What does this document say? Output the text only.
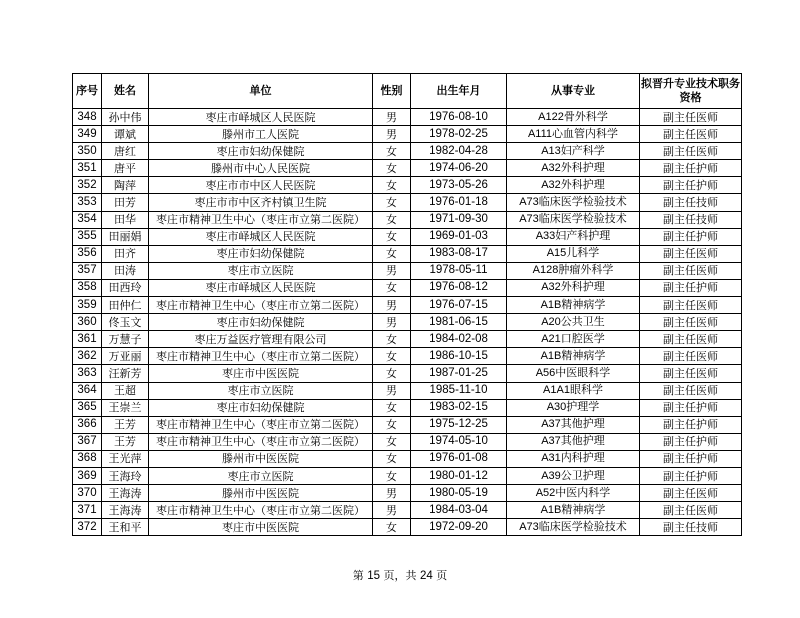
序号	姓名	单位	性别	出生年月	从事专业	拟晋升专业技术职务资格
348	孙中伟	枣庄市峄城区人民医院	男	1976-08-10	A122骨外科学	副主任医师
349	谭斌	滕州市工人医院	男	1978-02-25	A111心血管内科学	副主任医师
350	唐红	枣庄市妇幼保健院	女	1982-04-28	A13妇产科学	副主任医师
351	唐平	滕州市中心人民医院	女	1974-06-20	A32外科护理	副主任护师
352	陶萍	枣庄市市中区人民医院	女	1973-05-26	A32外科护理	副主任护师
353	田芳	枣庄市市中区齐村镇卫生院	女	1976-01-18	A73临床医学检验技术	副主任技师
354	田华	枣庄市精神卫生中心（枣庄市立第二医院）	女	1971-09-30	A73临床医学检验技术	副主任技师
355	田丽娟	枣庄市峄城区人民医院	女	1969-01-03	A33妇产科护理	副主任护师
356	田齐	枣庄市妇幼保健院	女	1983-08-17	A15儿科学	副主任医师
357	田涛	枣庄市立医院	男	1978-05-11	A128肿瘤外科学	副主任医师
358	田西玲	枣庄市峄城区人民医院	女	1976-08-12	A32外科护理	副主任护师
359	田仲仁	枣庄市精神卫生中心（枣庄市立第二医院）	男	1976-07-15	A1B精神病学	副主任医师
360	佟玉文	枣庄市妇幼保健院	男	1981-06-15	A20公共卫生	副主任医师
361	万慧子	枣庄万益医疗管理有限公司	女	1984-02-08	A21口腔医学	副主任医师
362	万亚丽	枣庄市精神卫生中心（枣庄市立第二医院）	女	1986-10-15	A1B精神病学	副主任医师
363	汪新芳	枣庄市中医医院	女	1987-01-25	A56中医眼科学	副主任医师
364	王超	枣庄市立医院	男	1985-11-10	A1A1眼科学	副主任医师
365	王崇兰	枣庄市妇幼保健院	女	1983-02-15	A30护理学	副主任护师
366	王芳	枣庄市精神卫生中心（枣庄市立第二医院）	女	1975-12-25	A37其他护理	副主任护师
367	王芳	枣庄市精神卫生中心（枣庄市立第二医院）	女	1974-05-10	A37其他护理	副主任护师
368	王光萍	滕州市中医医院	女	1976-01-08	A31内科护理	副主任护师
369	王海玲	枣庄市立医院	女	1980-01-12	A39公卫护理	副主任护师
370	王海涛	滕州市中医医院	男	1980-05-19	A52中医内科学	副主任医师
371	王海涛	枣庄市精神卫生中心（枣庄市立第二医院）	男	1984-03-04	A1B精神病学	副主任医师
372	王和平	枣庄市中医医院	女	1972-09-20	A73临床医学检验技术	副主任技师
第 15 页，共 24 页
